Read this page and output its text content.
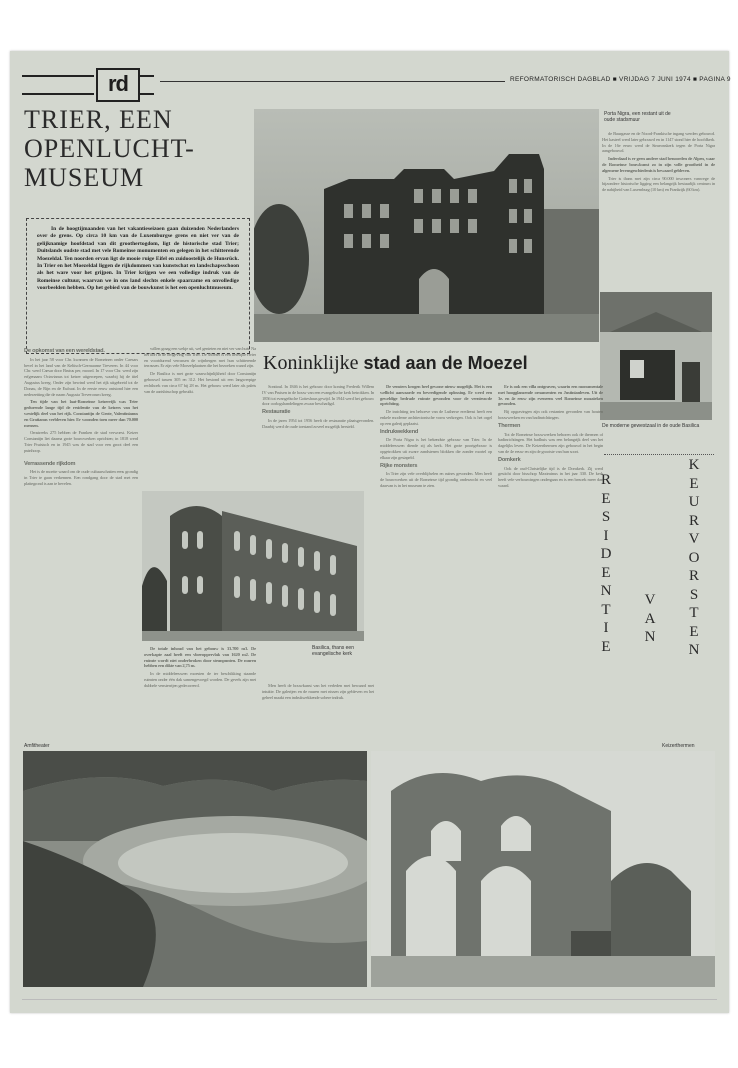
rd	REFORMATORISCH DAGBLAD ■ VRIJDAG 7 JUNI 1974 ■ PAGINA 9
TRIER, EEN OPENLUCHT-MUSEUM

In de hoogtijmaanden van het vakantieseizoen gaan duizenden Nederlanders over de grens. Op circa 10 km van de Luxemburgse grens en niet ver van de gelijknamige hoofdstad van dit groothertogdom, ligt de historische stad Trier; Duitslands oudste stad met vele Romeinse monumenten en gelegen in het schitterende Moezeldal. Ten noorden ervan ligt de mooie ruige Eifel en zuidoostelijk de Hunsrück. In Trier en het Moezeldal liggen de rijkdommen van kunstschat en landschapsschoon als het ware voor het grijpen. In Trier krijgen we een volledige indruk van de Romeinse cultuur, waarvan we in ons land slechts enkele spaarzame en onvolledige voorbeelden hebben. Op het gebied van de bouwkunst is het een openluchtmuseum.

Porta Nigra, een restant uit de oude stadsmuur

de Baurgasse en de Noord-Frankische ingang werden gebouwd. Het kasteel werd later gebouwd en in 1147 stond hier de hoofdkerk. In de 16e eeuw werd de Simeonskerk tegen de Porta Nigra aangebouwd.

Inderdaad is er geen andere stad benoorden de Alpen, waar de Romeinse bouwkunst zo in zijn volle grootheid in de algemene levensgeschiedenis is bewaard gebleven.

Trier is thans met zijn circa 90.000 inwoners vanwege de bijzondere historische ligging een belangrijk bestuurlijk centrum in de nabijheid van Luxemburg (10 km) en Frankrijk (60 km).

De moderne gewestzaal in de oude Basilica
Koninklijke stad aan de Moezel
De opkomst van een wereldstad.

In het jaar 58 voor Chr. kwamen de Romeinen onder Caesars bevel in het land van de Keltisch-Germaanse Treveren. In 44 voor Chr. werd Caesar door Brutus per, moord. In 17 voor Chr. werd zijn erfgenaam Octavianus tot keizer uitgeroepen, waarbij hij de titel Augustus kreeg. Onder zijn bewind werd het rijk uitgebreid tot de Donau, de Rijn en de Eufraat. In de eerste eeuw ontstond hier een nederzetting die de naam Augusta Treverorum kreeg.

Ten tijde van het laat-Romeinse keizerrijk was Trier gedurende lange tijd de residentie van de keizers van het westelijk deel van het rijk. Constantijn de Grote, Valentinianus en Gratianus verbleven hier. Er woonden toen meer dan 70.000 mensen.

Omstreeks 275 hebben de Franken de stad verwoest. Keizer Constantijn liet daarna grote bouwwerken oprichten; in 1818 werd Trier Pruisisch en in 1945 was de stad voor een groot deel een puinhoop.

Verrassende rijkdom

Het is de moeite waard om de oude cultuurschatten eens grondig in Trier te gaan verkennen. Een rondgang door de stad met een plattegrond is aan te bevelen.

willen graag een wekje uit, wel genieten en niet ver van huis. Na het kort in de omgeving van Trier. De Moezel is een liefelijke rivier en voortdurend verrassen de wijnbergen met hun schitterende terrassen. Er zijn vele Moezelplaatsen die het bezoeken waard zijn.

De Basilica is met grote waarschijnlijkheid door Constantijn gebouwd tussen 305 en 312. Het bestond uit een langwerpige rechthoek van circa 67 bij 28 m. Het gebouw werd later als paleis van de aartsbisschop gebruikt.

Basilica, thans een evangelische kerk

De totale inhoud van het gebouw is 33.700 m3. De overkapte zaal heeft een vloeroppervlak van 1620 m2. De ruimte wordt niet onderbroken door steunpunten. De muren hebben een dikte van 2,75 m.

In de middeleeuwen moesten de ter beschikking staande ruimten onder één dak samengevoegd worden. De gevels zijn met dubbele vensterrijen gedecoreerd.

Sonttoul. In 1846 is het gebouw door koning Frederik Willem IV van Pruisen in de bouw van een evangelische kerk betrokken. In 1856 tot evangelische Gotteshaus gewijd. In 1944 werd het gebouw door oorlogshandelingen zwaar beschadigd.

Restauratie

In de jaren 1954 tot 1956 heeft de restauratie plaatsgevonden. Daarbij werd de oude toestand zoveel mogelijk hersteld.

Men heeft de bouwkunst van het verleden met bewaard met intuïtie. De galerijen en de muren met nissen zijn gebleven en het geheel maakt een indrukwekkende sobere indruk.

De vensters krogen heel gewone nieuw mogelijk. Het is een wellicht aanvaarde en bevredigende oplossing. Er werd een geweldige bedrade ruimte gevonden voor de vernieuwde oprichting.

De inrichting ten behoeve van de Lutherse eredienst heeft een enkele moderne architectonische vorm verkregen. Ook is het orgel op een galerij geplaatst.

Indrukwekkend

De Porta Nigra is het bekendste gebouw van Trier. In de middeleeuwen diende zij als kerk. Het grote poortgebouw is opgetrokken uit zware zandstenen blokken die zonder mortel op elkaar zijn gestapeld.

Rijke monsters

In Trier zijn vele overblijfselen en ruïnes gevonden. Men heeft de bouwwerken uit de Romeinse tijd grondig onderzocht en veel daarvan is in het museum te zien.

Er is ook een villa ontgraven, waarin een monumentale met hoogglanzende ornamenten en Justinianleven. Uit de 3e. en 4e eeuw zijn eveneens veel Romeinse mozaïeken gevonden.

Bij opgravingen zijn ook restanten gevonden van houten bouwwerken en van badinrichtingen.

Thermen

Tot de Romeinse bouwwerken behoren ook de thermen of badinrichtingen. Het badhuis was een belangrijk deel van het dagelijks leven. De Keizerthermen zijn gebouwd in het begin van de 4e eeuw en zijn de grootste van hun soort.

Domkerk

Ook de oud-Christelijke tijd is de Domkerk. Zij werd gesticht door bisschop Maximinus in het jaar 330. De kerk heeft vele verbouwingen ondergaan en is een bezoek meer dan waard.	RESIDENTIE
VAN
KEURVORSTEN
Amfitheater	Keizerthermen
